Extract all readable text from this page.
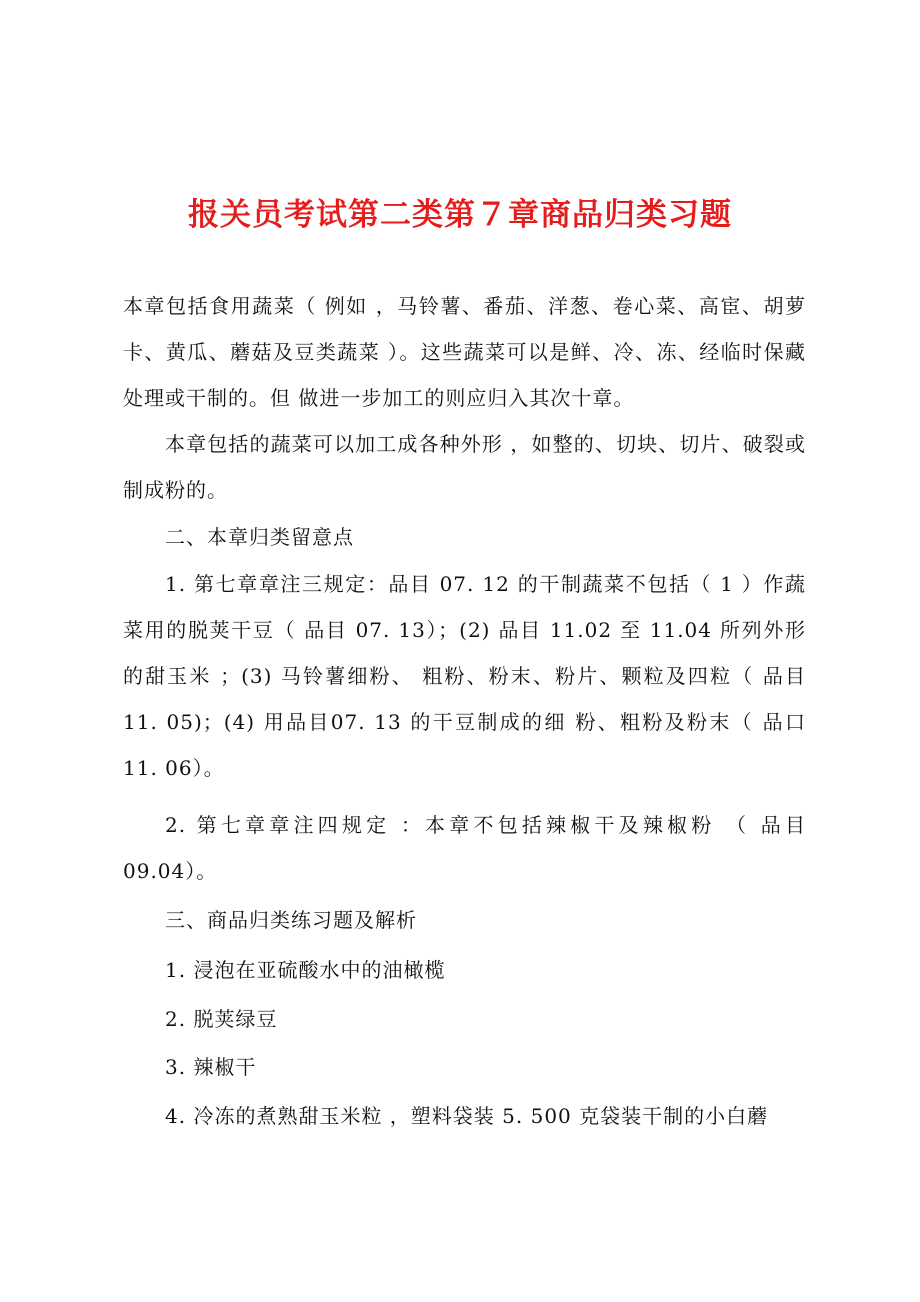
报关员考试第二类第７章商品归类习题
本章包括食用蔬菜（ 例如 ，马铃薯、番茄、洋葱、卷心菜、高宦、胡萝卡、黄瓜、蘑菇及豆类蔬菜 ）。这些蔬菜可以是鲜、冷、冻、经临时保藏处理或干制的。但 做进一步加工的则应归入其次十章。
本章包括的蔬菜可以加工成各种外形 ，如整的、切块、切片、破裂或制成粉的。
二、本章归类留意点
1. 第七章章注三规定：品目 07. 12 的干制蔬菜不包括（ 1 ）作蔬菜用的脱荚干豆（ 品目 07. 13）；(2) 品目 11.02 至 11.04 所列外形的甜玉米 ；(3) 马铃薯细粉、 粗粉、粉末、粉片、颗粒及四粒（ 品目 11. 05)；(4) 用品目07. 13 的干豆制成的细 粉、粗粉及粉末（ 品口 11. 06）。
2. 第七章章注四规定 ：本章不包括辣椒干及辣椒粉 （ 品目09.04）。
三、商品归类练习题及解析
1. 浸泡在亚硫酸水中的油橄榄
2. 脱荚绿豆
3. 辣椒干
4. 冷冻的煮熟甜玉米粒 ，塑料袋装 5. 500 克袋装干制的小白蘑
